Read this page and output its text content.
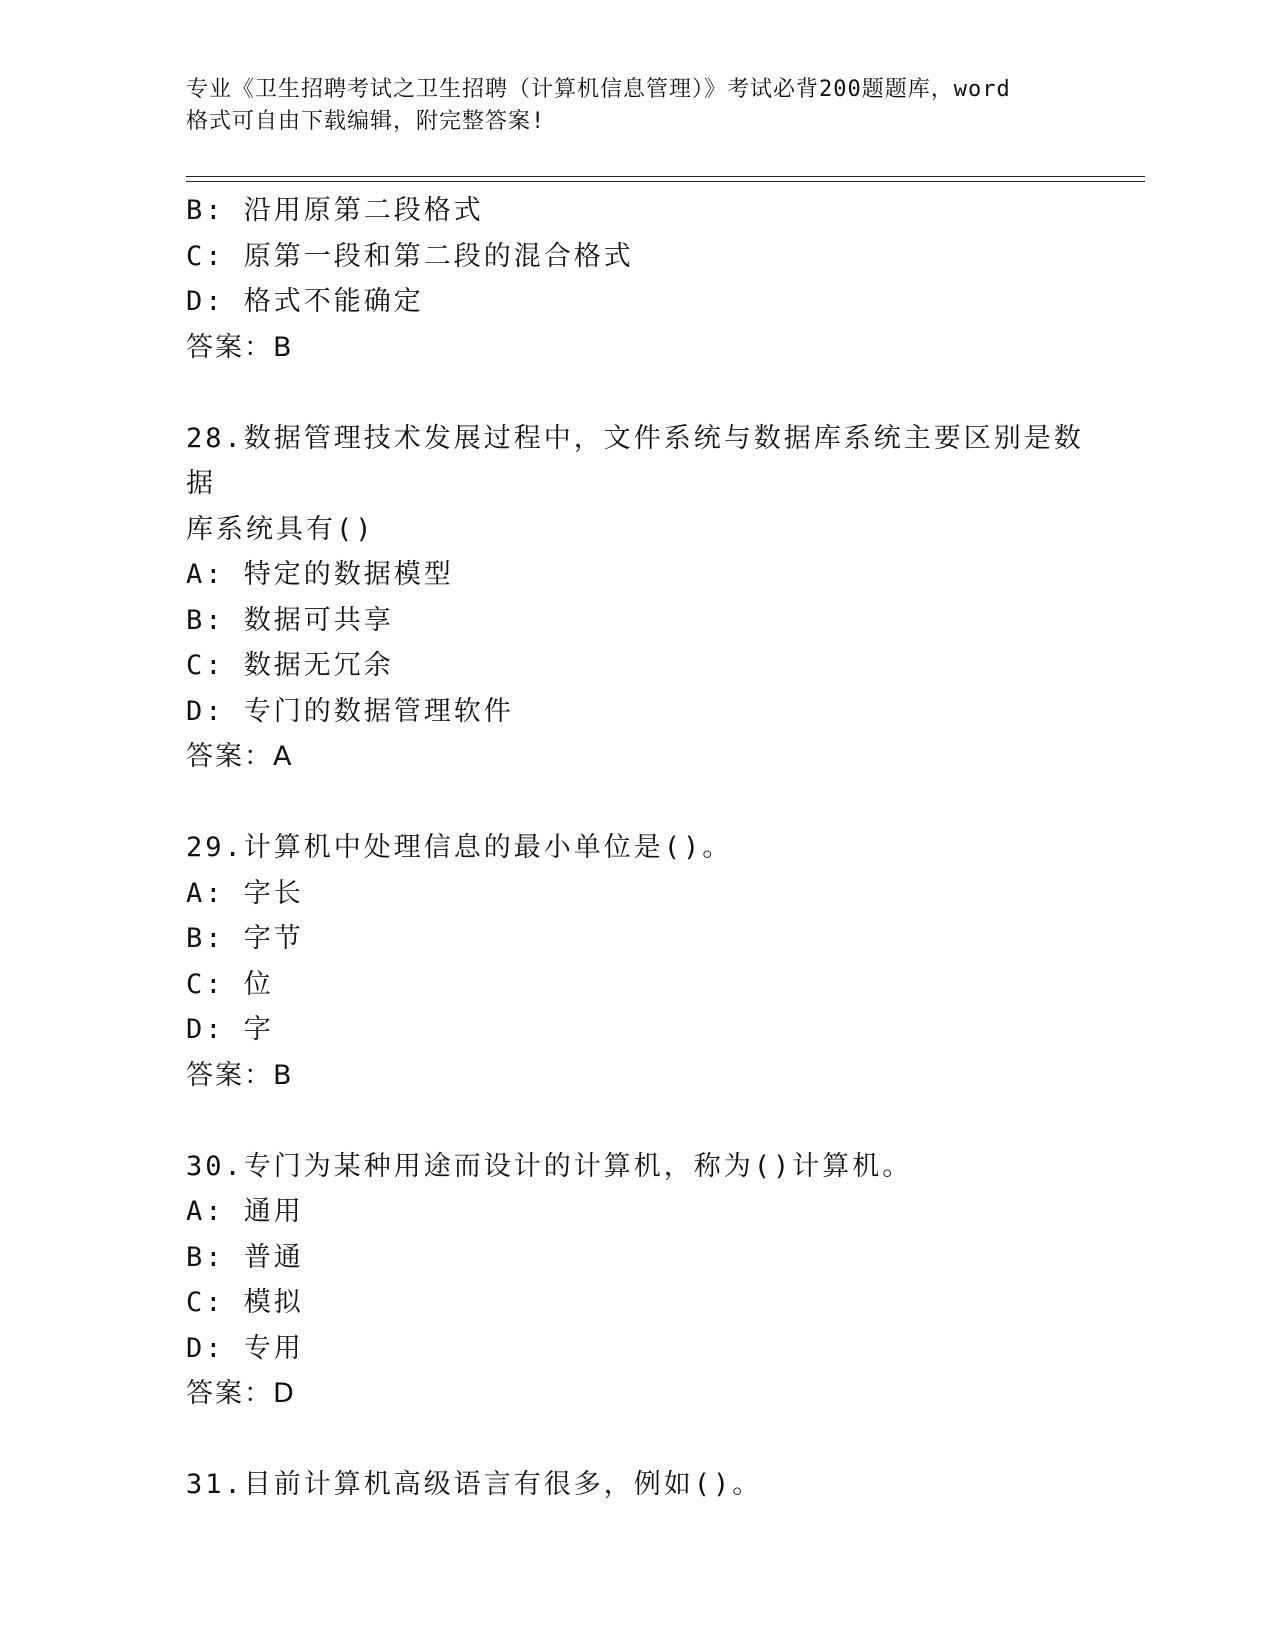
专业《卫生招聘考试之卫生招聘（计算机信息管理）》考试必背200题题库，word
格式可自由下载编辑，附完整答案!
B: 沿用原第二段格式
C: 原第一段和第二段的混合格式
D: 格式不能确定
答案：B
28.数据管理技术发展过程中，文件系统与数据库系统主要区别是数据
库系统具有()
A: 特定的数据模型
B: 数据可共享
C: 数据无冗余
D: 专门的数据管理软件
答案：A
29.计算机中处理信息的最小单位是()。
A: 字长
B: 字节
C: 位
D: 字
答案：B
30.专门为某种用途而设计的计算机，称为()计算机。
A: 通用
B: 普通
C: 模拟
D: 专用
答案：D
31.目前计算机高级语言有很多，例如()。
